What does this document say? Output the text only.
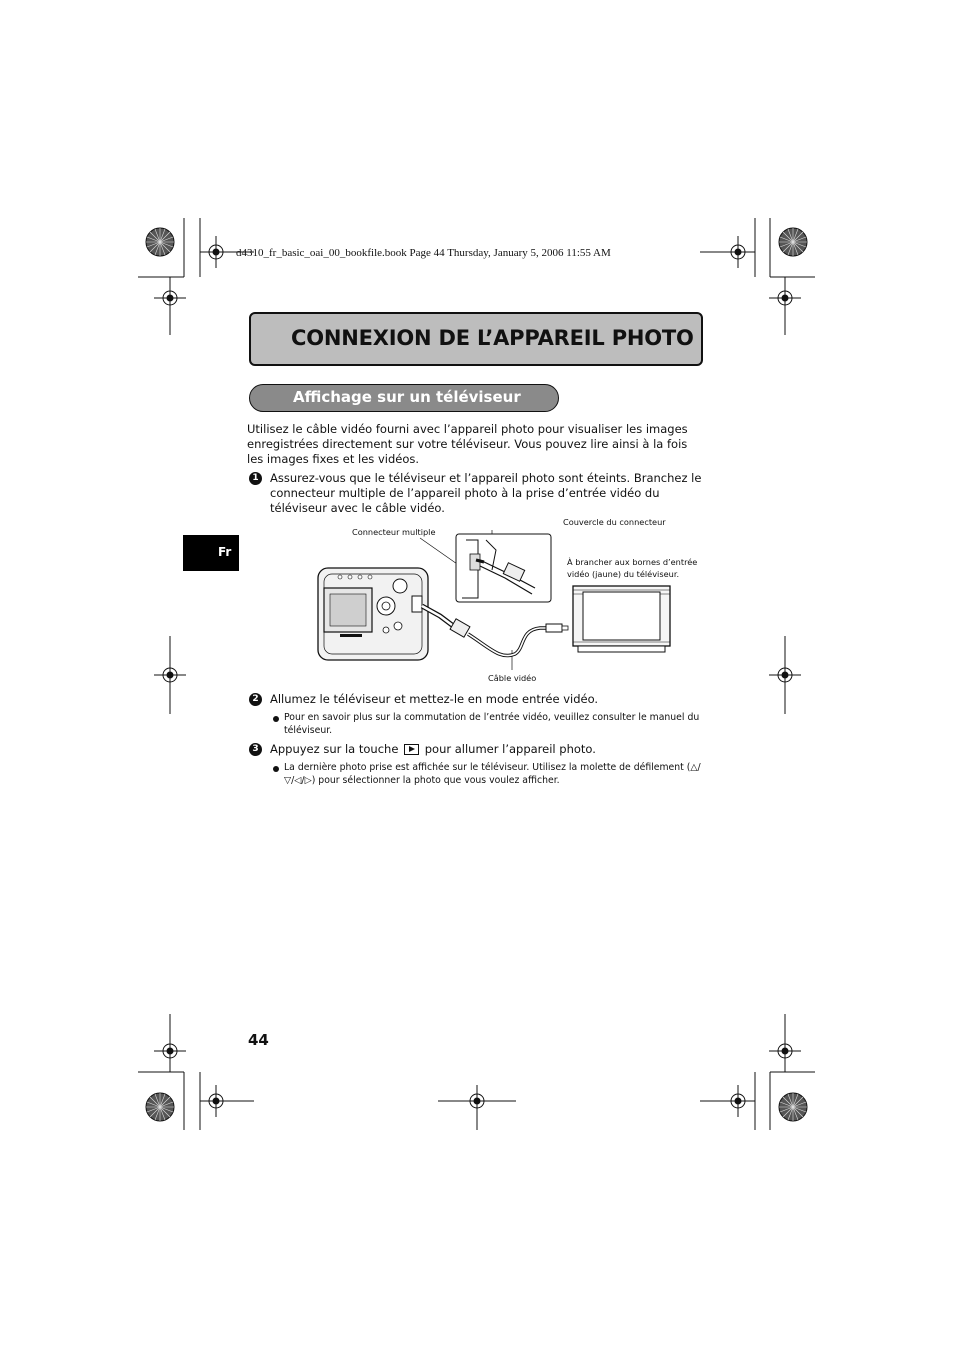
d4310_fr_basic_oai_00_bookfile.book Page 44 Thursday, January 5, 2006 11:55 AM
CONNEXION DE L’APPAREIL PHOTO
Affichage sur un téléviseur
Fr
Utilisez le câble vidéo fourni avec l’appareil photo pour visualiser les images enregistrées directement sur votre téléviseur. Vous pouvez lire ainsi à la fois les images fixes et les vidéos.
1 Assurez-vous que le téléviseur et l’appareil photo sont éteints. Branchez le connecteur multiple de l’appareil photo à la prise d’entrée vidéo du téléviseur avec le câble vidéo.
Connecteur multiple
Couvercle du connecteur
À brancher aux bornes d’entrée
vidéo (jaune) du téléviseur.
Câble vidéo
2 Allumez le téléviseur et mettez-le en mode entrée vidéo.
Pour en savoir plus sur la commutation de l’entrée vidéo, veuillez consulter le manuel du téléviseur.
3 Appuyez sur la touche pour allumer l’appareil photo.
La dernière photo prise est affichée sur le téléviseur. Utilisez la molette de défilement (△/▽/◁/▷) pour sélectionner la photo que vous voulez afficher.
44
